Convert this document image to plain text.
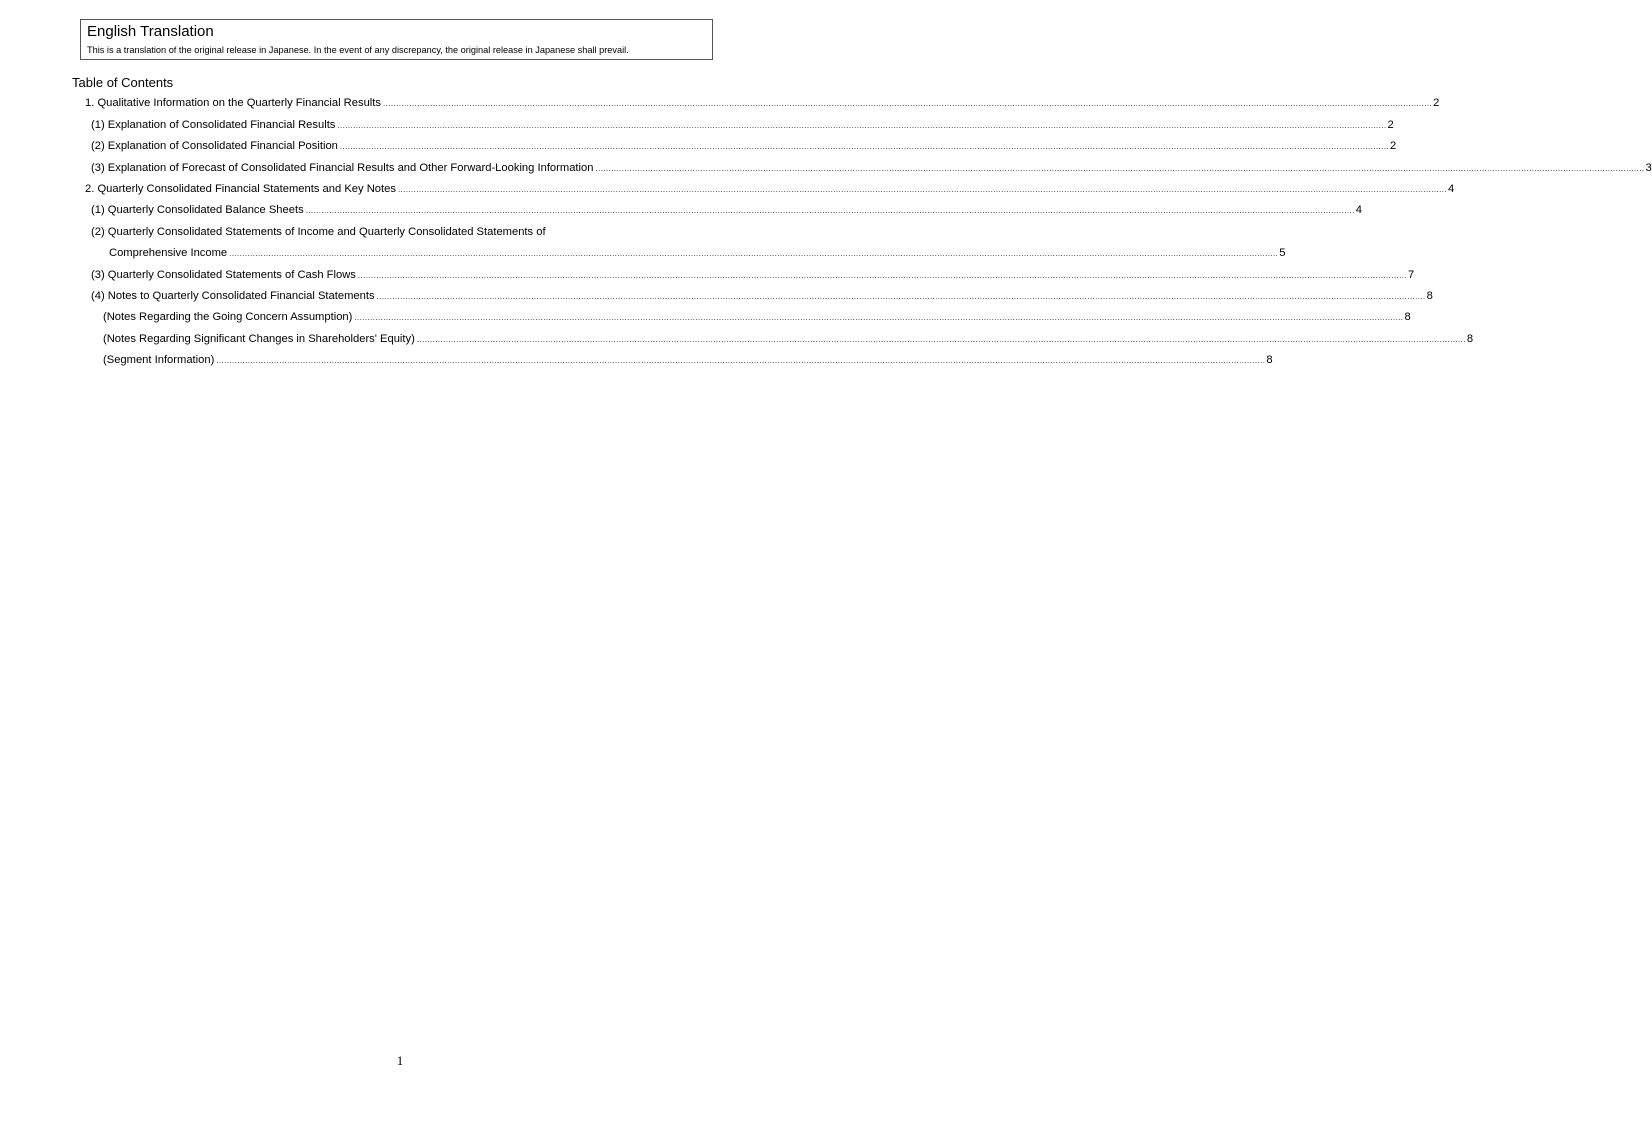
English Translation

This is a translation of the original release in Japanese. In the event of any discrepancy, the original release in Japanese shall prevail.

Table of Contents
1. Qualitative Information on the Quarterly Financial Results ................................................................................................................................................................................................................................................................................................................................................................................................................ 2
(1) Explanation of Consolidated Financial Results ................................................................................................................................................................................................................................................................................................................................................................................................................ 2
(2) Explanation of Consolidated Financial Position ................................................................................................................................................................................................................................................................................................................................................................................................................ 2
(3) Explanation of Forecast of Consolidated Financial Results and Other Forward-Looking Information ................................................................................................................................................................................................................................................................................................................................................................................................................ 3
2. Quarterly Consolidated Financial Statements and Key Notes ................................................................................................................................................................................................................................................................................................................................................................................................................ 4
(1) Quarterly Consolidated Balance Sheets ................................................................................................................................................................................................................................................................................................................................................................................................................ 4
(2) Quarterly Consolidated Statements of Income and Quarterly Consolidated Statements of
Comprehensive Income ................................................................................................................................................................................................................................................................................................................................................................................................................ 5
(3) Quarterly Consolidated Statements of Cash Flows ................................................................................................................................................................................................................................................................................................................................................................................................................ 7
(4) Notes to Quarterly Consolidated Financial Statements ................................................................................................................................................................................................................................................................................................................................................................................................................ 8
(Notes Regarding the Going Concern Assumption) ................................................................................................................................................................................................................................................................................................................................................................................................................ 8
(Notes Regarding Significant Changes in Shareholders' Equity) ................................................................................................................................................................................................................................................................................................................................................................................................................ 8
(Segment Information) ................................................................................................................................................................................................................................................................................................................................................................................................................ 8

1
